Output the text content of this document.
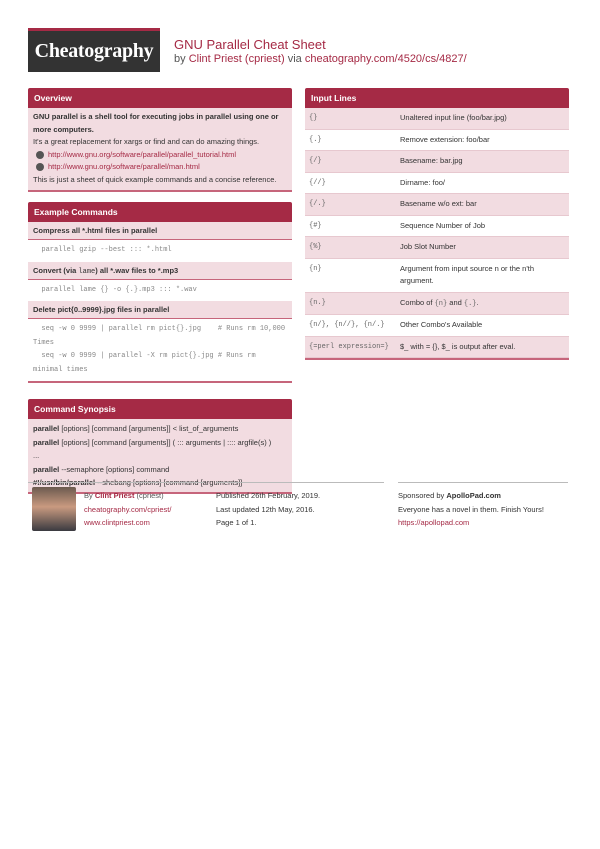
Cheatography	GNU Parallel Cheat Sheet
by Clint Priest (cpriest) via cheatography.com/4520/cs/4827/
Overview
GNU parallel is a shell tool for executing jobs in parallel using one or more computers.
It's a great replacement for xargs or find and can do amazing things.
http://www.gnu.org/software/parallel/parallel_tutorial.html
http://www.gnu.org/software/parallel/man.html
This is just a sheet of quick example commands and a concise reference.
Example Commands
Compress all *.html files in parallel
parallel gzip --best ::: *.html
Convert (via lame) all *.wav files to *.mp3
parallel lame {} -o {.}.mp3 ::: *.wav
Delete pict{0..9999}.jpg files in parallel
seq -w 0 9999 | parallel rm pict{}.jpg    # Runs rm 10,000 Times
seq -w 0 9999 | parallel -X rm pict{}.jpg # Runs rm minimal times
Command Synopsis
parallel [options] [command [arguments]] < list_of_arguments
parallel [options] [command [arguments]] ( ::: arguments | :::: argfile(s) )
...
parallel --semaphore [options] command
#!/usr/bin/parallel --shebang [options] [command [arguments]]
Input Lines
{}	Unaltered input line (foo/bar.jpg)
{.}	Remove extension: foo/bar
{/}	Basename: bar.jpg
{//}	Dirname: foo/
{/.}	Basename w/o ext: bar
{#}	Sequence Number of Job
{%}	Job Slot Number
{n}	Argument from input source n or the n'th argument.
{n.}	Combo of {n} and {.}.
{n/}, {n//}, {n/.}	Other Combo's Available
{=perl expression=}	$_ with = {}, $_ is output after eval.
By Clint Priest (cpriest)
cheatography.com/cpriest/
www.clintpriest.com
Published 26th February, 2019.
Last updated 12th May, 2016.
Page 1 of 1.
Sponsored by ApolloPad.com
Everyone has a novel in them. Finish Yours!
https://apollopad.com
